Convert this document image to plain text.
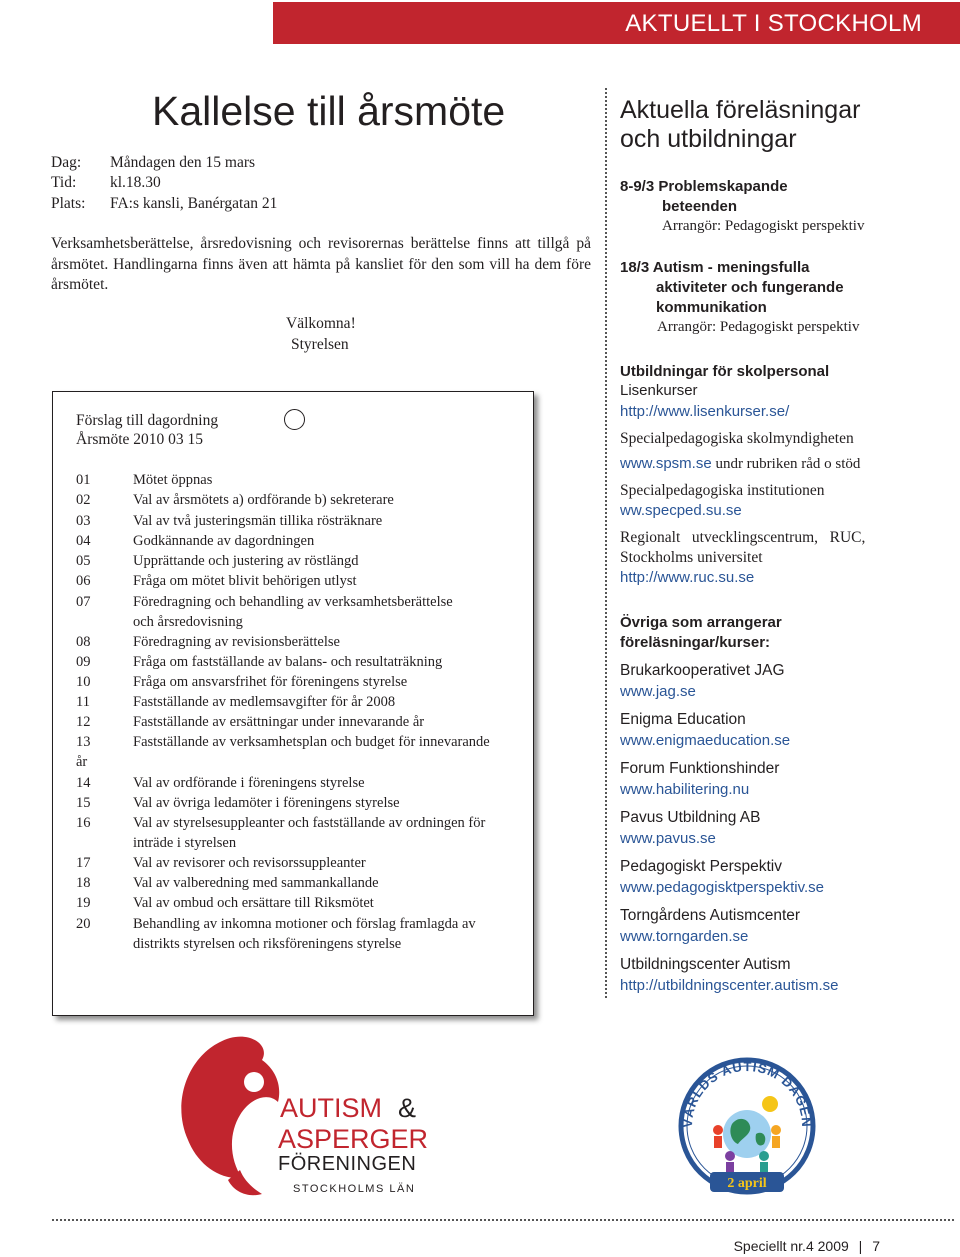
AKTUELLT I STOCKHOLM
Kallelse till årsmöte
Dag: Måndagen den 15 mars
Tid: kl.18.30
Plats: FA:s kansli, Banérgatan 21
Verksamhetsberättelse, årsredovisning och revisorernas berättelse finns att tillgå på årsmötet. Handlingarna finns även att hämta på kansliet för den som vill ha dem före årsmötet.
Välkomna!
Styrelsen
Förslag till dagordning
Årsmöte 2010 03 15
01	Mötet öppnas
02	Val av årsmötets a) ordförande b) sekreterare
03	Val av två justeringsmän tillika rösträknare
04	Godkännande av dagordningen
05	Upprättande och justering av röstlängd
06	Fråga om mötet blivit behörigen utlyst
07	Föredragning och behandling av verksamhetsberättelse
och årsredovisning
08	Föredragning av revisionsberättelse
09	Fråga om fastställande av balans- och resultaträkning
10	Fråga om ansvarsfrihet för föreningens styrelse
11	Fastställande av medlemsavgifter för år 2008
12	Fastställande av ersättningar under innevarande år
13	Fastställande av verksamhetsplan och budget för innevarande
år
14	Val av ordförande i föreningens styrelse
15	Val av övriga ledamöter i föreningens styrelse
16	Val av styrelsesuppleanter och fastställande av ordningen för
inträde i styrelsen
17	Val av revisorer och revisorssuppleanter
18	Val av valberedning med sammankallande
19	Val av ombud och ersättare till Riksmötet
20	Behandling av inkomna motioner och förslag framlagda av
distrikts styrelsen och riksföreningens styrelse
Aktuella föreläsningar
och utbildningar
8-9/3 Problemskapande
beteenden
Arrangör: Pedagogiskt perspektiv
18/3 Autism - meningsfulla
aktiviteter och fungerande
kommunikation
Arrangör: Pedagogiskt perspektiv
Utbildningar för skolpersonal
Lisenkurser
http://www.lisenkurser.se/
Specialpedagogiska skolmyndigheten
www.spsm.se undr rubriken råd o stöd
Specialpedagogiska institutionen
ww.specped.su.se
Regionalt   utvecklingscentrum,   RUC,
Stockholms universitet
http://www.ruc.su.se
Övriga som arrangerar
föreläsningar/kurser:
Brukarkooperativet JAG
www.jag.se
Enigma Education
www.enigmaeducation.se
Forum Funktionshinder
www.habilitering.nu
Pavus Utbildning AB
www.pavus.se
Pedagogiskt Perspektiv
www.pedagogisktperspektiv.se
Torngårdens Autismcenter
www.torngarden.se
Utbildningscenter Autism
http://utbildningscenter.autism.se
AUTISM &
ASPERGER
FÖRENINGEN
STOCKHOLMS LÄN
VÄRLDS AUTISM DAGEN
2 april
Speciellt nr.4 2009 | 7
